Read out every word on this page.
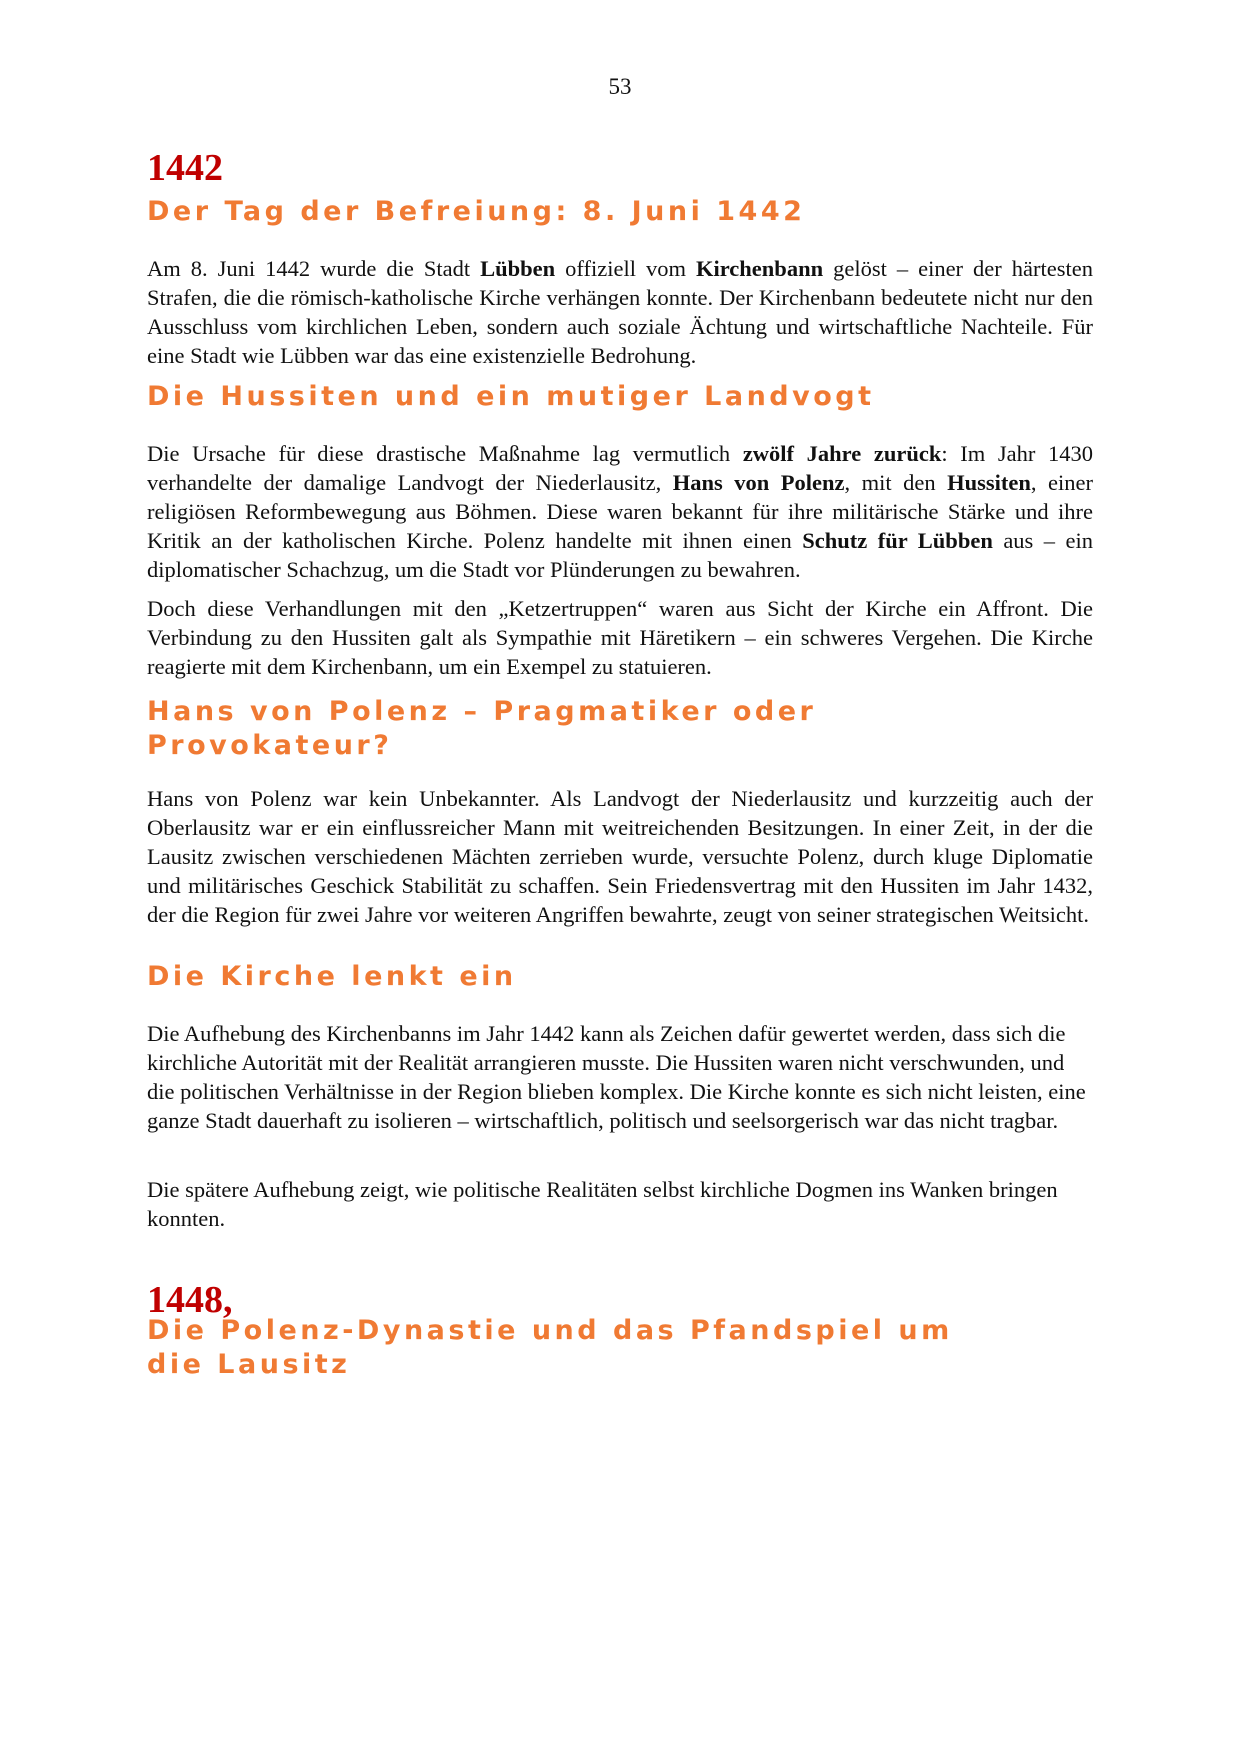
53
1442
Der Tag der Befreiung: 8. Juni 1442

Am 8. Juni 1442 wurde die Stadt Lübben offiziell vom Kirchenbann gelöst – einer der härtesten Strafen, die die römisch-katholische Kirche verhängen konnte. Der Kirchenbann bedeutete nicht nur den Ausschluss vom kirchlichen Leben, sondern auch soziale Ächtung und wirtschaftliche Nachteile. Für eine Stadt wie Lübben war das eine existenzielle Bedrohung.

Die Hussiten und ein mutiger Landvogt

Die Ursache für diese drastische Maßnahme lag vermutlich zwölf Jahre zurück: Im Jahr 1430 verhandelte der damalige Landvogt der Niederlausitz, Hans von Polenz, mit den Hussiten, einer religiösen Reformbewegung aus Böhmen. Diese waren bekannt für ihre militärische Stärke und ihre Kritik an der katholischen Kirche. Polenz handelte mit ihnen einen Schutz für Lübben aus – ein diplomatischer Schachzug, um die Stadt vor Plünderungen zu bewahren.

Doch diese Verhandlungen mit den „Ketzertruppen“ waren aus Sicht der Kirche ein Affront. Die Verbindung zu den Hussiten galt als Sympathie mit Häretikern – ein schweres Vergehen. Die Kirche reagierte mit dem Kirchenbann, um ein Exempel zu statuieren.

Hans von Polenz – Pragmatiker oder Provokateur?

Hans von Polenz war kein Unbekannter. Als Landvogt der Niederlausitz und kurzzeitig auch der Oberlausitz war er ein einflussreicher Mann mit weitreichenden Besitzungen. In einer Zeit, in der die Lausitz zwischen verschiedenen Mächten zerrieben wurde, versuchte Polenz, durch kluge Diplomatie und militärisches Geschick Stabilität zu schaffen. Sein Friedensvertrag mit den Hussiten im Jahr 1432, der die Region für zwei Jahre vor weiteren Angriffen bewahrte, zeugt von seiner strategischen Weitsicht.

Die Kirche lenkt ein

Die Aufhebung des Kirchenbanns im Jahr 1442 kann als Zeichen dafür gewertet werden, dass sich die kirchliche Autorität mit der Realität arrangieren musste. Die Hussiten waren nicht verschwunden, und die politischen Verhältnisse in der Region blieben komplex. Die Kirche konnte es sich nicht leisten, eine ganze Stadt dauerhaft zu isolieren – wirtschaftlich, politisch und seelsorgerisch war das nicht tragbar.

Die spätere Aufhebung zeigt, wie politische Realitäten selbst kirchliche Dogmen ins Wanken bringen konnten.

1448,
Die Polenz-Dynastie und das Pfandspiel um die Lausitz
